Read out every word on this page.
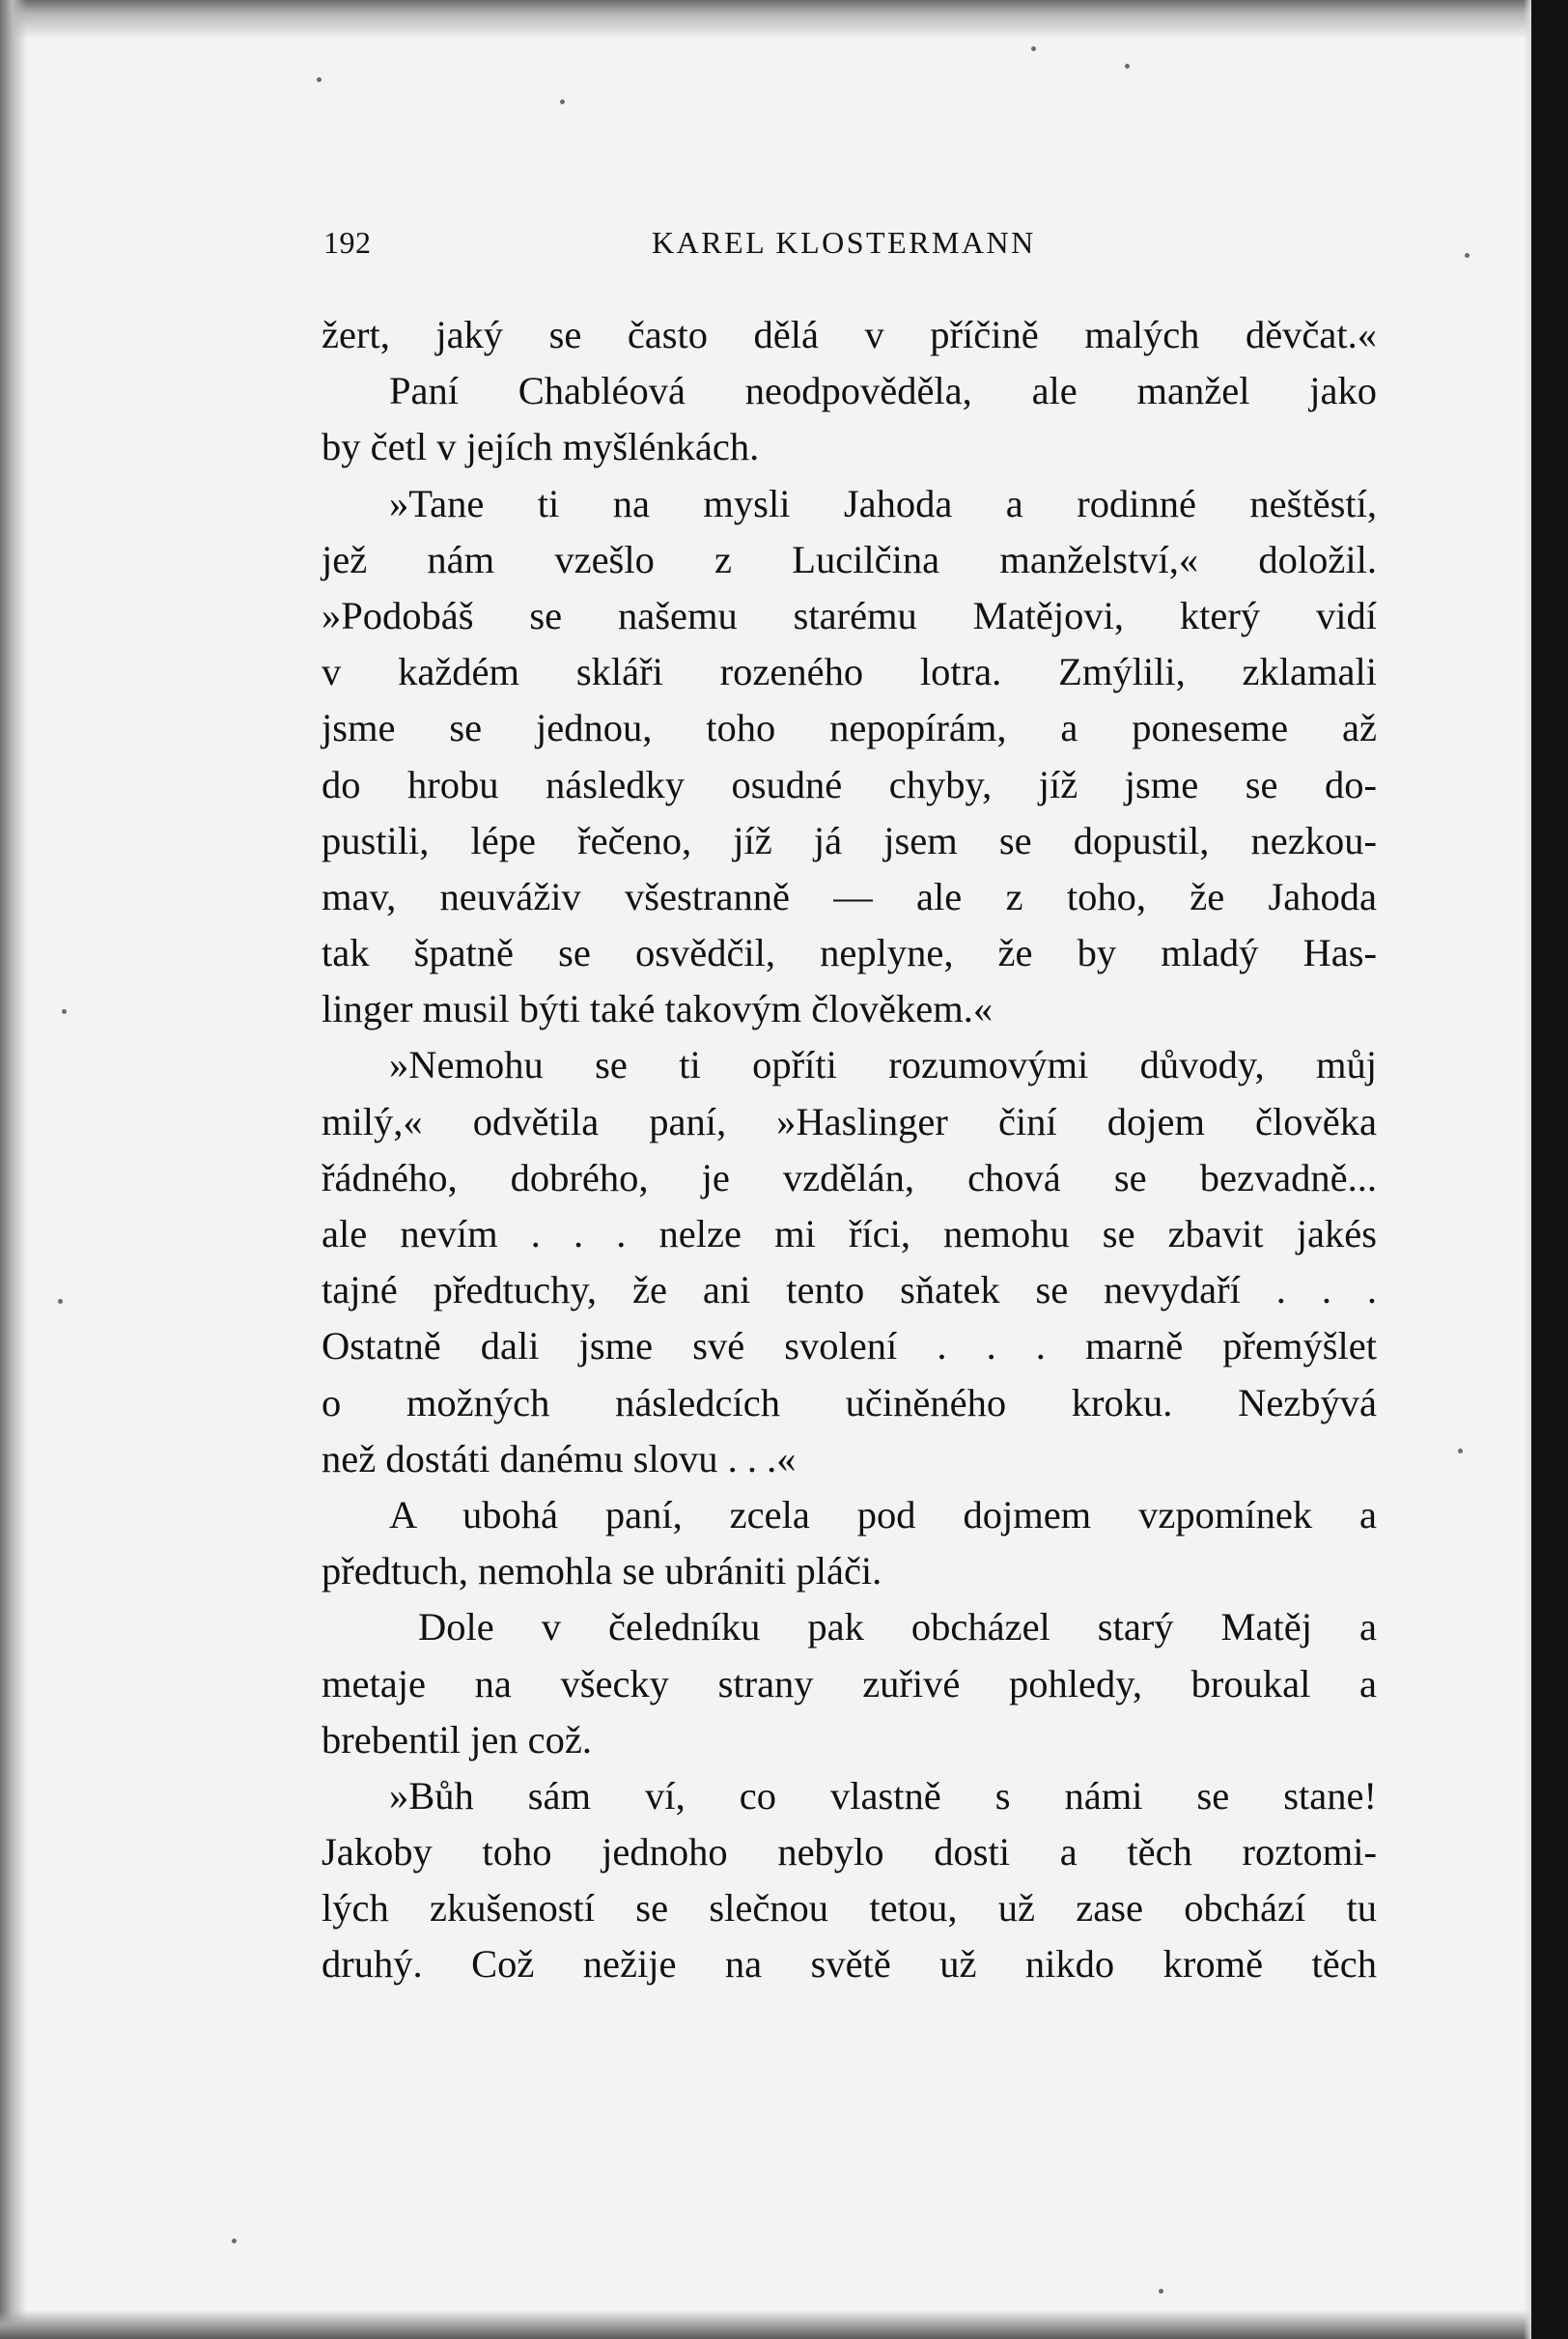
192	KAREL KLOSTERMANN
žert, jaký se často dělá v příčině malých děvčat.«
Paní Chabléová neodpověděla, ale manžel jako
by četl v jejích myšlénkách.
»Tane ti na mysli Jahoda a rodinné neštěstí,
jež nám vzešlo z Lucilčina manželství,« doložil.
»Podobáš se našemu starému Matějovi, který vidí
v každém skláři rozeného lotra. Zmýlili, zklamali
jsme se jednou, toho nepopírám, a poneseme až
do hrobu následky osudné chyby, jíž jsme se do-
pustili, lépe řečeno, jíž já jsem se dopustil, nezkou-
mav, neuváživ všestranně — ale z toho, že Jahoda
tak špatně se osvědčil, neplyne, že by mladý Has-
linger musil býti také takovým člověkem.«
»Nemohu se ti opříti rozumovými důvody, můj
milý,« odvětila paní, »Haslinger činí dojem člověka
řádného, dobrého, je vzdělán, chová se bezvadně...
ale nevím . . . nelze mi říci, nemohu se zbavit jakés
tajné předtuchy, že ani tento sňatek se nevydaří . . .
Ostatně dali jsme své svolení . . . marně přemýšlet
o možných následcích učiněného kroku. Nezbývá
než dostáti danému slovu . . .«
A ubohá paní, zcela pod dojmem vzpomínek a
předtuch, nemohla se ubrániti pláči.
Dole v čeledníku pak obcházel starý Matěj a
metaje na všecky strany zuřivé pohledy, broukal a
brebentil jen což.
»Bůh sám ví, co vlastně s námi se stane!
Jakoby toho jednoho nebylo dosti a těch roztomi-
lých zkušeností se slečnou tetou, už zase obchází tu
druhý. Což nežije na světě už nikdo kromě těch
